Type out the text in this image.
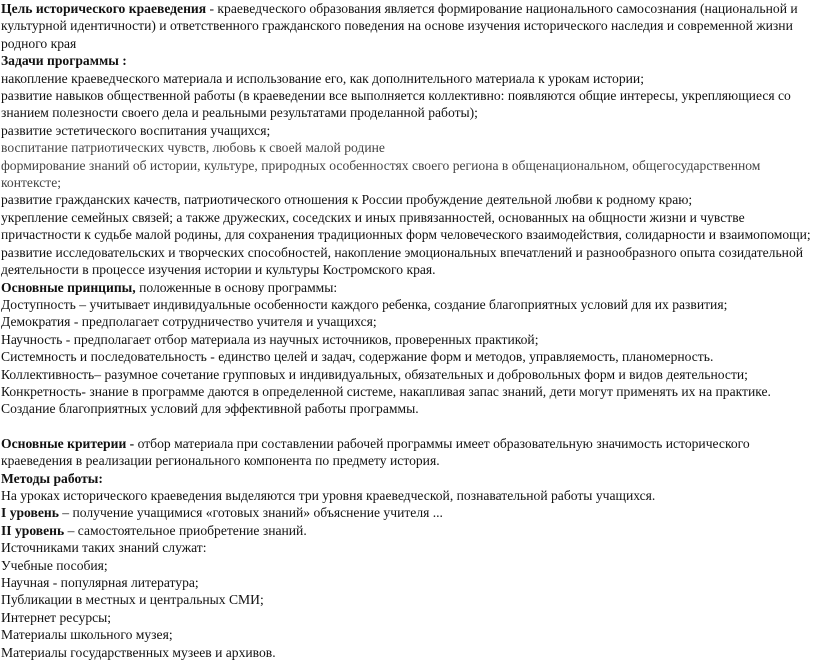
Цель исторического краеведения - краеведческого образования является формирование национального самосознания (национальной и культурной идентичности) и ответственного гражданского поведения на основе изучения исторического наследия и современной жизни родного края

Задачи программы :

накопление краеведческого материала и использование его, как дополнительного материала к урокам истории;

развитие навыков общественной работы (в краеведении все выполняется коллективно: появляются общие интересы, укрепляющиеся со знанием полезности своего дела и реальными результатами проделанной работы);

развитие эстетического воспитания учащихся;

воспитание патриотических чувств, любовь к своей малой родине

формирование знаний об истории, культуре, природных особенностях своего региона в общенациональном, общегосударственном контексте;

развитие гражданских качеств, патриотического отношения к России пробуждение деятельной любви к родному краю;

укрепление семейных связей; а также дружеских, соседских и иных привязанностей, основанных на общности жизни и чувстве причастности к судьбе малой родины, для сохранения традиционных форм человеческого взаимодействия, солидарности и взаимопомощи;

развитие исследовательских и творческих способностей, накопление эмоциональных впечатлений и разнообразного опыта созидательной деятельности в процессе изучения истории и культуры Костромского края.

Основные принципы, положенные в основу программы:

Доступность – учитывает индивидуальные особенности каждого ребенка, создание благоприятных условий для их развития;

Демократия - предполагает сотрудничество учителя и учащихся;

Научность - предполагает отбор материала из научных источников, проверенных практикой;

Системность и последовательность - единство целей и задач, содержание форм и методов, управляемость, планомерность.

Коллективность– разумное сочетание групповых и индивидуальных, обязательных и добровольных форм и видов деятельности;

Конкретность- знание в программе даются в определенной системе, накапливая запас знаний, дети могут применять их на практике.

Создание благоприятных условий для эффективной работы программы.

Основные критерии - отбор материала при составлении рабочей программы имеет образовательную значимость исторического краеведения в реализации регионального компонента по предмету история.

Методы работы:

На уроках исторического краеведения выделяются три уровня краеведческой, познавательной работы учащихся.

I уровень – получение учащимися «готовых знаний» объяснение учителя ...

II уровень – самостоятельное приобретение знаний.

Источниками таких знаний служат:

Учебные пособия;

Научная - популярная литература;

Публикации в местных и центральных СМИ;

Интернет ресурсы;

Материалы школьного музея;

Материалы государственных музеев и архивов.
